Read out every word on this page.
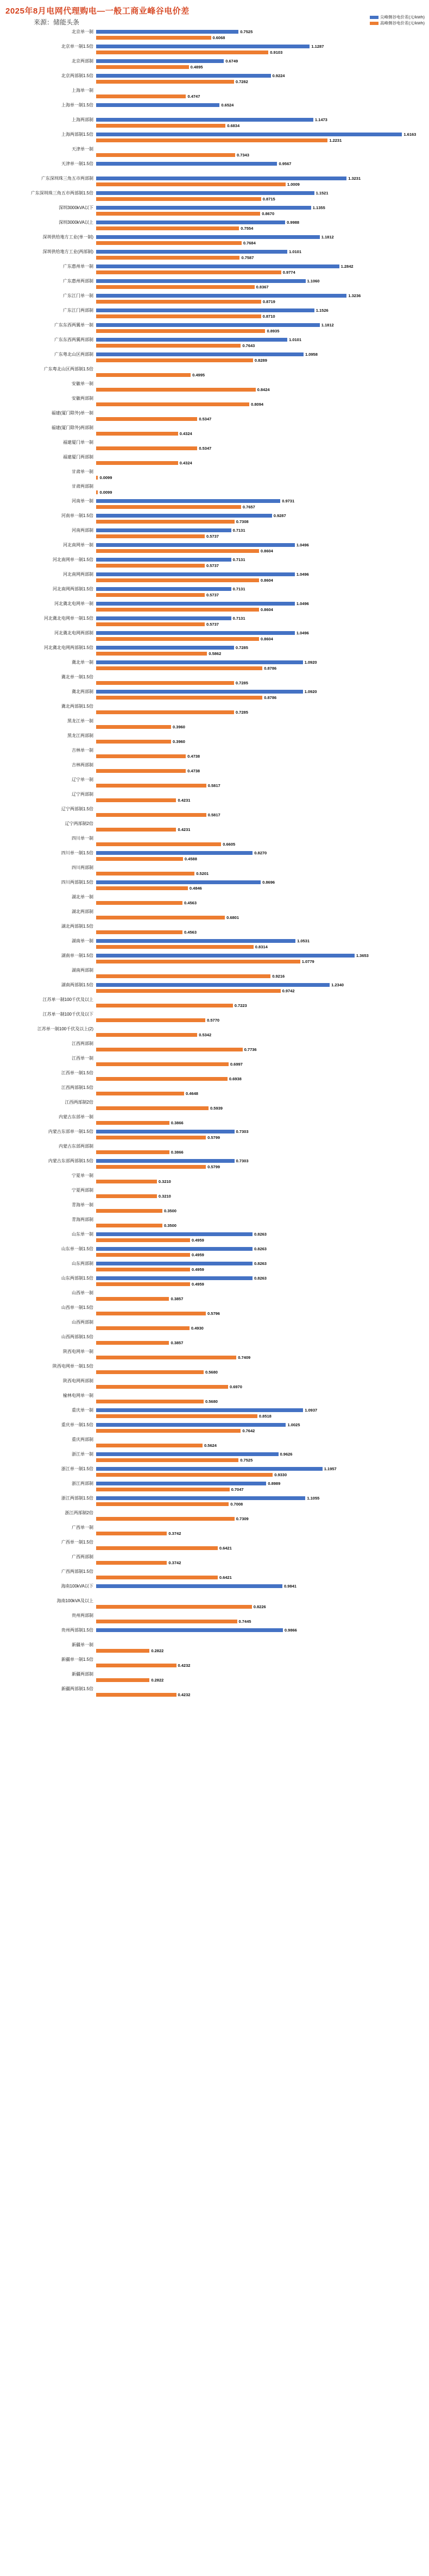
2025年8月电网代理购电—一般工商业峰谷电价差
来源：储能头条
尖峰侧谷电价差(元/kWh)
高峰侧谷电价差(元/kWh)
北京单一制	0.7525
0.6068
北京单一制1.5倍	1.1287
0.9103
北京两部制	0.6749
0.4895
北京两部制1.5倍	0.9224
0.7282
上海单一制
0.4747
上海单一制1.5倍	0.6524
上海两部制	1.1473
0.6834
上海两部制1.5倍	1.6163
1.2231
天津单一制
0.7343
天津单一制1.5倍	0.9567
广东深圳珠三角五市两部制	1.3231
1.0009
广东深圳珠三角五市两部制1.5倍	1.1521
0.8715
深圳3000kVA以下	1.1355
0.8670
深圳3000kVA以上	0.9988
0.7554
深圳供给地方工业(单一制)	1.1812
0.7684
深圳供给地方工业(两部制)	1.0101
0.7587
广东惠州单一制	1.2842
0.9774
广东惠州两部制	1.1060
0.8367
广东江门单一制	1.3236
0.8719
广东江门两部制	1.1526
0.8710
广东东西两翼单一制	1.1812
0.8935
广东东西两翼两部制	1.0101
0.7643
广东粤北山区两部制	1.0958
0.8289
广东粤北山区两部制1.5倍
0.4995
安徽单一制
0.8424
安徽两部制
0.8094
福建(厦门除外)单一制
0.5347
福建(厦门除外)两部制
0.4324
福建厦门单一制
0.5347
福建厦门两部制
0.4324
甘肃单一制
0.0099
甘肃两部制
0.0099
河南单一制	0.9731
0.7657
河南单一制1.5倍	0.9287
0.7308
河南两部制	0.7131
0.5737
河北南网单一制	1.0496
0.8604
河北南网单一制1.5倍	0.7131
0.5737
河北南网两部制	1.0496
0.8604
河北南网两部制1.5倍	0.7131
0.5737
河北冀北电网单一制	1.0496
0.8604
河北冀北电网单一制1.5倍	0.7131
0.5737
河北冀北电网两部制	1.0496
0.8604
河北冀北电网两部制1.5倍	0.7285
0.5862
冀北单一制	1.0920
0.8786
冀北单一制1.5倍
0.7285
冀北两部制	1.0920
0.8786
冀北两部制1.5倍
0.7285
黑龙江单一制
0.3960
黑龙江两部制
0.3960
吉林单一制
0.4738
吉林两部制
0.4738
辽宁单一制
0.5817
辽宁两部制
0.4231
辽宁两部制1.5倍
0.5817
辽宁两部制2倍
0.4231
四川单一制
0.6605
四川单一制1.5倍	0.8270
0.4588
四川两部制
0.5201
四川两部制1.5倍	0.8696
0.4846
湖北单一制
0.4563
湖北两部制
0.6801
湖北两部制1.5倍
0.4563
湖南单一制	1.0531
0.8314
湖南单一制1.5倍	1.3653
1.0779
湖南两部制
0.9216
湖南两部制1.5倍	1.2340
0.9742
江苏单一制100千伏及以上
0.7223
江苏单一制100千伏及以下
0.5770
江苏单一制100千伏及以上(2)
0.5342
江西两部制
0.7736
江西单一制
0.6997
江西单一制1.5倍
0.6938
江西两部制1.5倍
0.4648
江西两部制2倍
0.5939
内蒙古东部单一制
0.3866
内蒙古东部单一制1.5倍	0.7303
0.5799
内蒙古东部两部制
0.3866
内蒙古东部两部制1.5倍	0.7303
0.5799
宁夏单一制
0.3210
宁夏两部制
0.3210
青海单一制
0.3500
青海两部制
0.3500
山东单一制	0.8263
0.4959
山东单一制1.5倍	0.8263
0.4959
山东两部制	0.8263
0.4959
山东两部制1.5倍	0.8263
0.4959
山西单一制
0.3857
山西单一制1.5倍
0.5796
山西两部制
0.4930
山西两部制1.5倍
0.3857
陕西电网单一制
0.7409
陕西电网单一制1.5倍
0.5680
陕西电网两部制
0.6970
榆林电网单一制
0.5680
重庆单一制	1.0937
0.8518
重庆单一制1.5倍	1.0025
0.7642
重庆两部制
0.5624
浙江单一制	0.9626
0.7525
浙江单一制1.5倍	1.1957
0.9330
浙江两部制	0.8989
0.7047
浙江两部制1.5倍	1.1055
0.7008
浙江两部制2倍
0.7309
广西单一制
0.3742
广西单一制1.5倍
0.6421
广西两部制
0.3742
广西两部制1.5倍
0.6421
海南100kVA以下	0.9841
海南100kVA及以上
0.8226
贵州两部制
0.7445
贵州两部制1.5倍	0.9866
新疆单一制
0.2822
新疆单一制1.5倍
0.4232
新疆两部制
0.2822
新疆两部制1.5倍
0.4232
